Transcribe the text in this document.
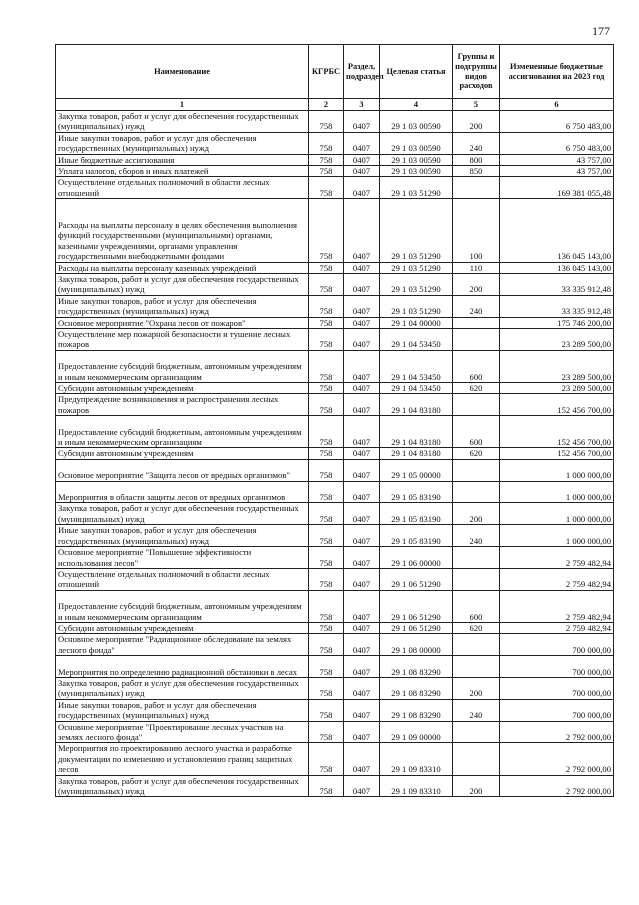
177
Наименование	КГРБС	Раздел, подраздел	Целевая статья	Группы и подгруппы видов расходов	Измененные бюджетные ассигнования на 2023 год
1	2	3	4	5	6
Закупка товаров, работ и услуг для обеспечения государственных (муниципальных) нужд	758	0407	29 1 03 00590	200	6 750 483,00
Иные закупки товаров, работ и услуг для обеспечения государственных (муниципальных) нужд	758	0407	29 1 03 00590	240	6 750 483,00
Иные бюджетные ассигнования	758	0407	29 1 03 00590	800	43 757,00
Уплата налогов, сборов и иных платежей	758	0407	29 1 03 00590	850	43 757,00
Осуществление отдельных полномочий в области лесных отношений	758	0407	29 1 03 51290		169 381 055,48
Расходы на выплаты персоналу в целях обеспечения выполнения функций государственными (муниципальными) органами, казенными учреждениями, органами управления государственными внебюджетными фондами	758	0407	29 1 03 51290	100	136 045 143,00
Расходы на выплаты персоналу казенных учреждений	758	0407	29 1 03 51290	110	136 045 143,00
Закупка товаров, работ и услуг для обеспечения государственных (муниципальных) нужд	758	0407	29 1 03 51290	200	33 335 912,48
Иные закупки товаров, работ и услуг для обеспечения государственных (муниципальных) нужд	758	0407	29 1 03 51290	240	33 335 912,48
Основное мероприятие "Охрана лесов от пожаров"	758	0407	29 1 04 00000		175 746 200,00
Осуществление мер пожарной безопасности и тушение лесных пожаров	758	0407	29 1 04 53450		23 289 500,00
Предоставление субсидий бюджетным, автономным учреждениям и иным некоммерческим организациям	758	0407	29 1 04 53450	600	23 289 500,00
Субсидии автономным учреждениям	758	0407	29 1 04 53450	620	23 289 500,00
Предупреждение возникновения и распространения лесных пожаров	758	0407	29 1 04 83180		152 456 700,00
Предоставление субсидий бюджетным, автономным учреждениям и иным некоммерческим организациям	758	0407	29 1 04 83180	600	152 456 700,00
Субсидии автономным учреждениям	758	0407	29 1 04 83180	620	152 456 700,00
Основное мероприятие "Защита лесов от вредных организмов"	758	0407	29 1 05 00000		1 000 000,00
Мероприятия в области защиты лесов от вредных организмов	758	0407	29 1 05 83190		1 000 000,00
Закупка товаров, работ и услуг для обеспечения государственных (муниципальных) нужд	758	0407	29 1 05 83190	200	1 000 000,00
Иные закупки товаров, работ и услуг для обеспечения государственных (муниципальных) нужд	758	0407	29 1 05 83190	240	1 000 000,00
Основное мероприятие "Повышение эффективности использования лесов"	758	0407	29 1 06 00000		2 759 482,94
Осуществление отдельных полномочий в области лесных отношений	758	0407	29 1 06 51290		2 759 482,94
Предоставление субсидий бюджетным, автономным учреждениям и иным некоммерческим организациям	758	0407	29 1 06 51290	600	2 759 482,94
Субсидии автономным учреждениям	758	0407	29 1 06 51290	620	2 759 482,94
Основное мероприятие "Радиационное обследование на землях лесного фонда"	758	0407	29 1 08 00000		700 000,00
Мероприятия по определению радиационной обстановки в лесах	758	0407	29 1 08 83290		700 000,00
Закупка товаров, работ и услуг для обеспечения государственных (муниципальных) нужд	758	0407	29 1 08 83290	200	700 000,00
Иные закупки товаров, работ и услуг для обеспечения государственных (муниципальных) нужд	758	0407	29 1 08 83290	240	700 000,00
Основное мероприятие "Проектирование лесных участков на землях лесного фонда"	758	0407	29 1 09 00000		2 792 000,00
Мероприятия по проектированию лесного участка и разработке документации по изменению и установлению границ защитных лесов	758	0407	29 1 09 83310		2 792 000,00
Закупка товаров, работ и услуг для обеспечения государственных (муниципальных) нужд	758	0407	29 1 09 83310	200	2 792 000,00
